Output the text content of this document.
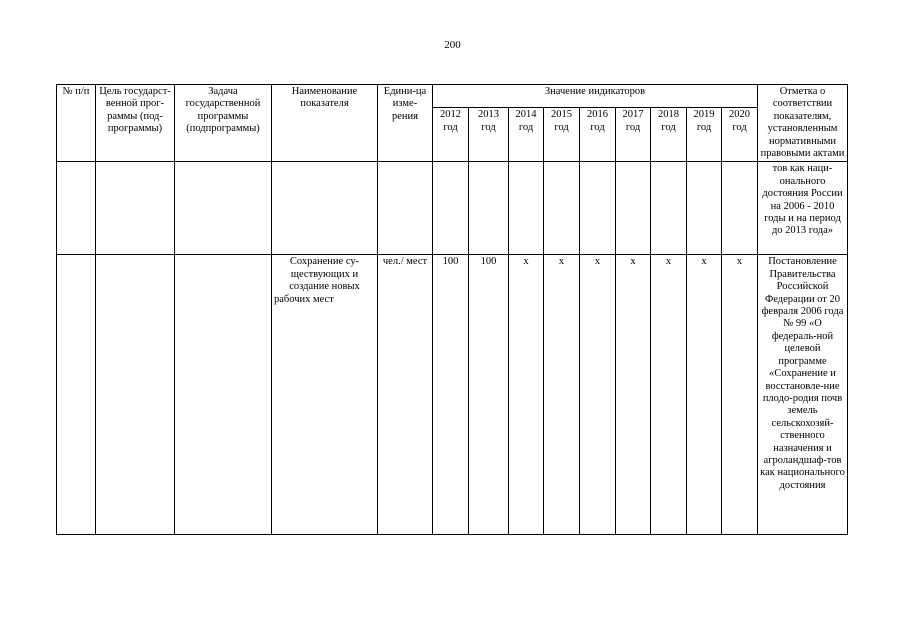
200
№ п/п	Цель государст-венной прог-раммы (под-программы)	Задача государственной программы (подпрограммы)	Наименование показателя	Едини-ца изме-рения	Значение индикаторов									Отметка о соответствии показателям, установленным нормативными правовыми актами
					2012 год	2013 год	2014 год	2015 год	2016 год	2017 год	2018 год	2019 год	2020 год	
														тов как наци-онального достояния России на 2006 - 2010 годы и на период до 2013 года»
			Сохранение су-ществующих и создание новых рабочих мест	чел./ мест	100	100	х	х	х	х	х	х	х	Постановление Правительства Российской Федерации от 20 февраля 2006 года № 99 «О федераль-ной целевой программе «Сохранение и восстановле-ние плодо-родия почв земель сельскохозяй-ственного назначения и агроландшаф-тов как национального достояния
